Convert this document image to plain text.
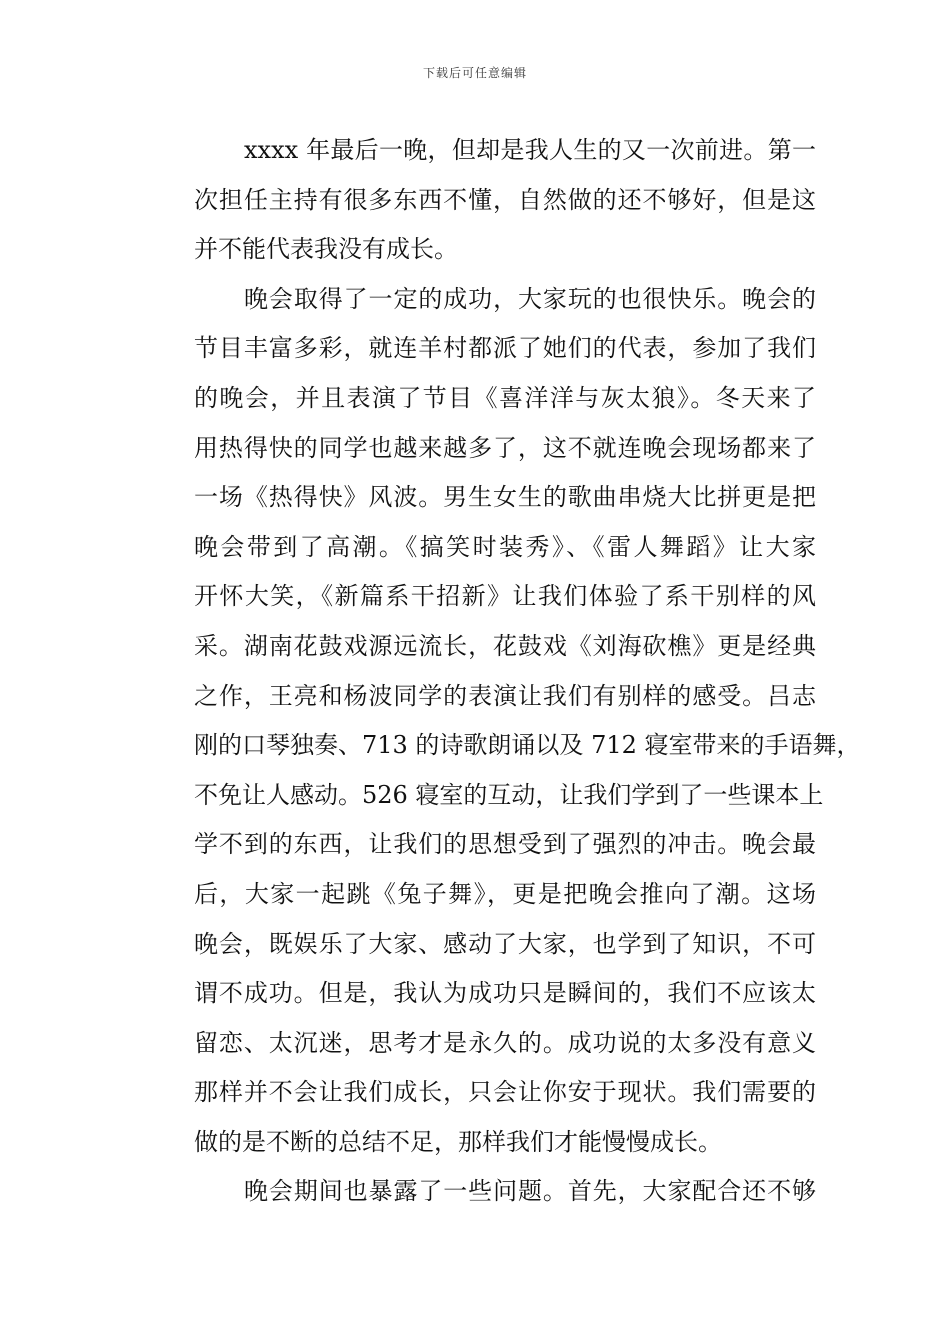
下载后可任意编辑

xxxx 年最后一晚，但却是我人生的又一次前进。第一
次担任主持有很多东西不懂，自然做的还不够好，但是这
并不能代表我没有成长。

晚会取得了一定的成功，大家玩的也很快乐。晚会的
节目丰富多彩，就连羊村都派了她们的代表，参加了我们
的晚会，并且表演了节目《喜洋洋与灰太狼》。冬天来了
用热得快的同学也越来越多了，这不就连晚会现场都来了
一场《热得快》风波。男生女生的歌曲串烧大比拼更是把
晚会带到了高潮。《搞笑时装秀》、《雷人舞蹈》让大家
开怀大笑，《新篇系干招新》让我们体验了系干别样的风
采。湖南花鼓戏源远流长，花鼓戏《刘海砍樵》更是经典
之作，王亮和杨波同学的表演让我们有别样的感受。吕志
刚的口琴独奏、713 的诗歌朗诵以及 712 寝室带来的手语舞，
不免让人感动。526 寝室的互动，让我们学到了一些课本上
学不到的东西，让我们的思想受到了强烈的冲击。晚会最
后，大家一起跳《兔子舞》，更是把晚会推向了潮。这场
晚会，既娱乐了大家、感动了大家，也学到了知识，不可
谓不成功。但是，我认为成功只是瞬间的，我们不应该太
留恋、太沉迷，思考才是永久的。成功说的太多没有意义
那样并不会让我们成长，只会让你安于现状。我们需要的
做的是不断的总结不足，那样我们才能慢慢成长。

晚会期间也暴露了一些问题。首先，大家配合还不够
